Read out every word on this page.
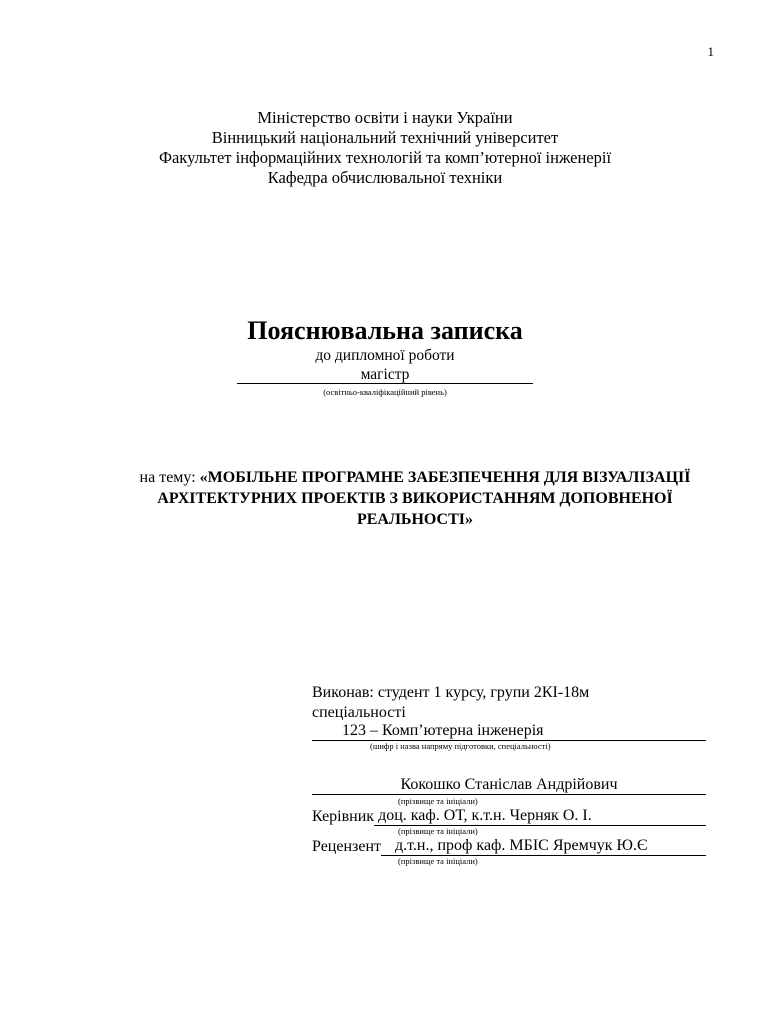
1
Міністерство освіти і науки України
Вінницький національний технічний університет
Факультет інформаційних технологій та комп’ютерної інженерії
Кафедра обчислювальної техніки
Пояснювальна записка
до дипломної роботи
магістр
(освітньо-кваліфікаційний рівень)
на тему: «МОБІЛЬНЕ ПРОГРАМНЕ ЗАБЕЗПЕЧЕННЯ ДЛЯ ВІЗУАЛІЗАЦІЇ АРХІТЕКТУРНИХ ПРОЕКТІВ З ВИКОРИСТАННЯМ ДОПОВНЕНОЇ РЕАЛЬНОСТІ»
Виконав: студент 1 курсу, групи 2КІ-18м
спеціальності
123 – Комп’ютерна інженерія
(шифр і назва напряму підготовки, спеціальності)
Кокошко Станіслав Андрійович
(прізвище та ініціали)
Керівник доц. каф. ОТ, к.т.н. Черняк О. І.
(прізвище та ініціали)
Рецензент д.т.н., проф каф. МБІС Яремчук Ю.Є
(прізвище та ініціали)
